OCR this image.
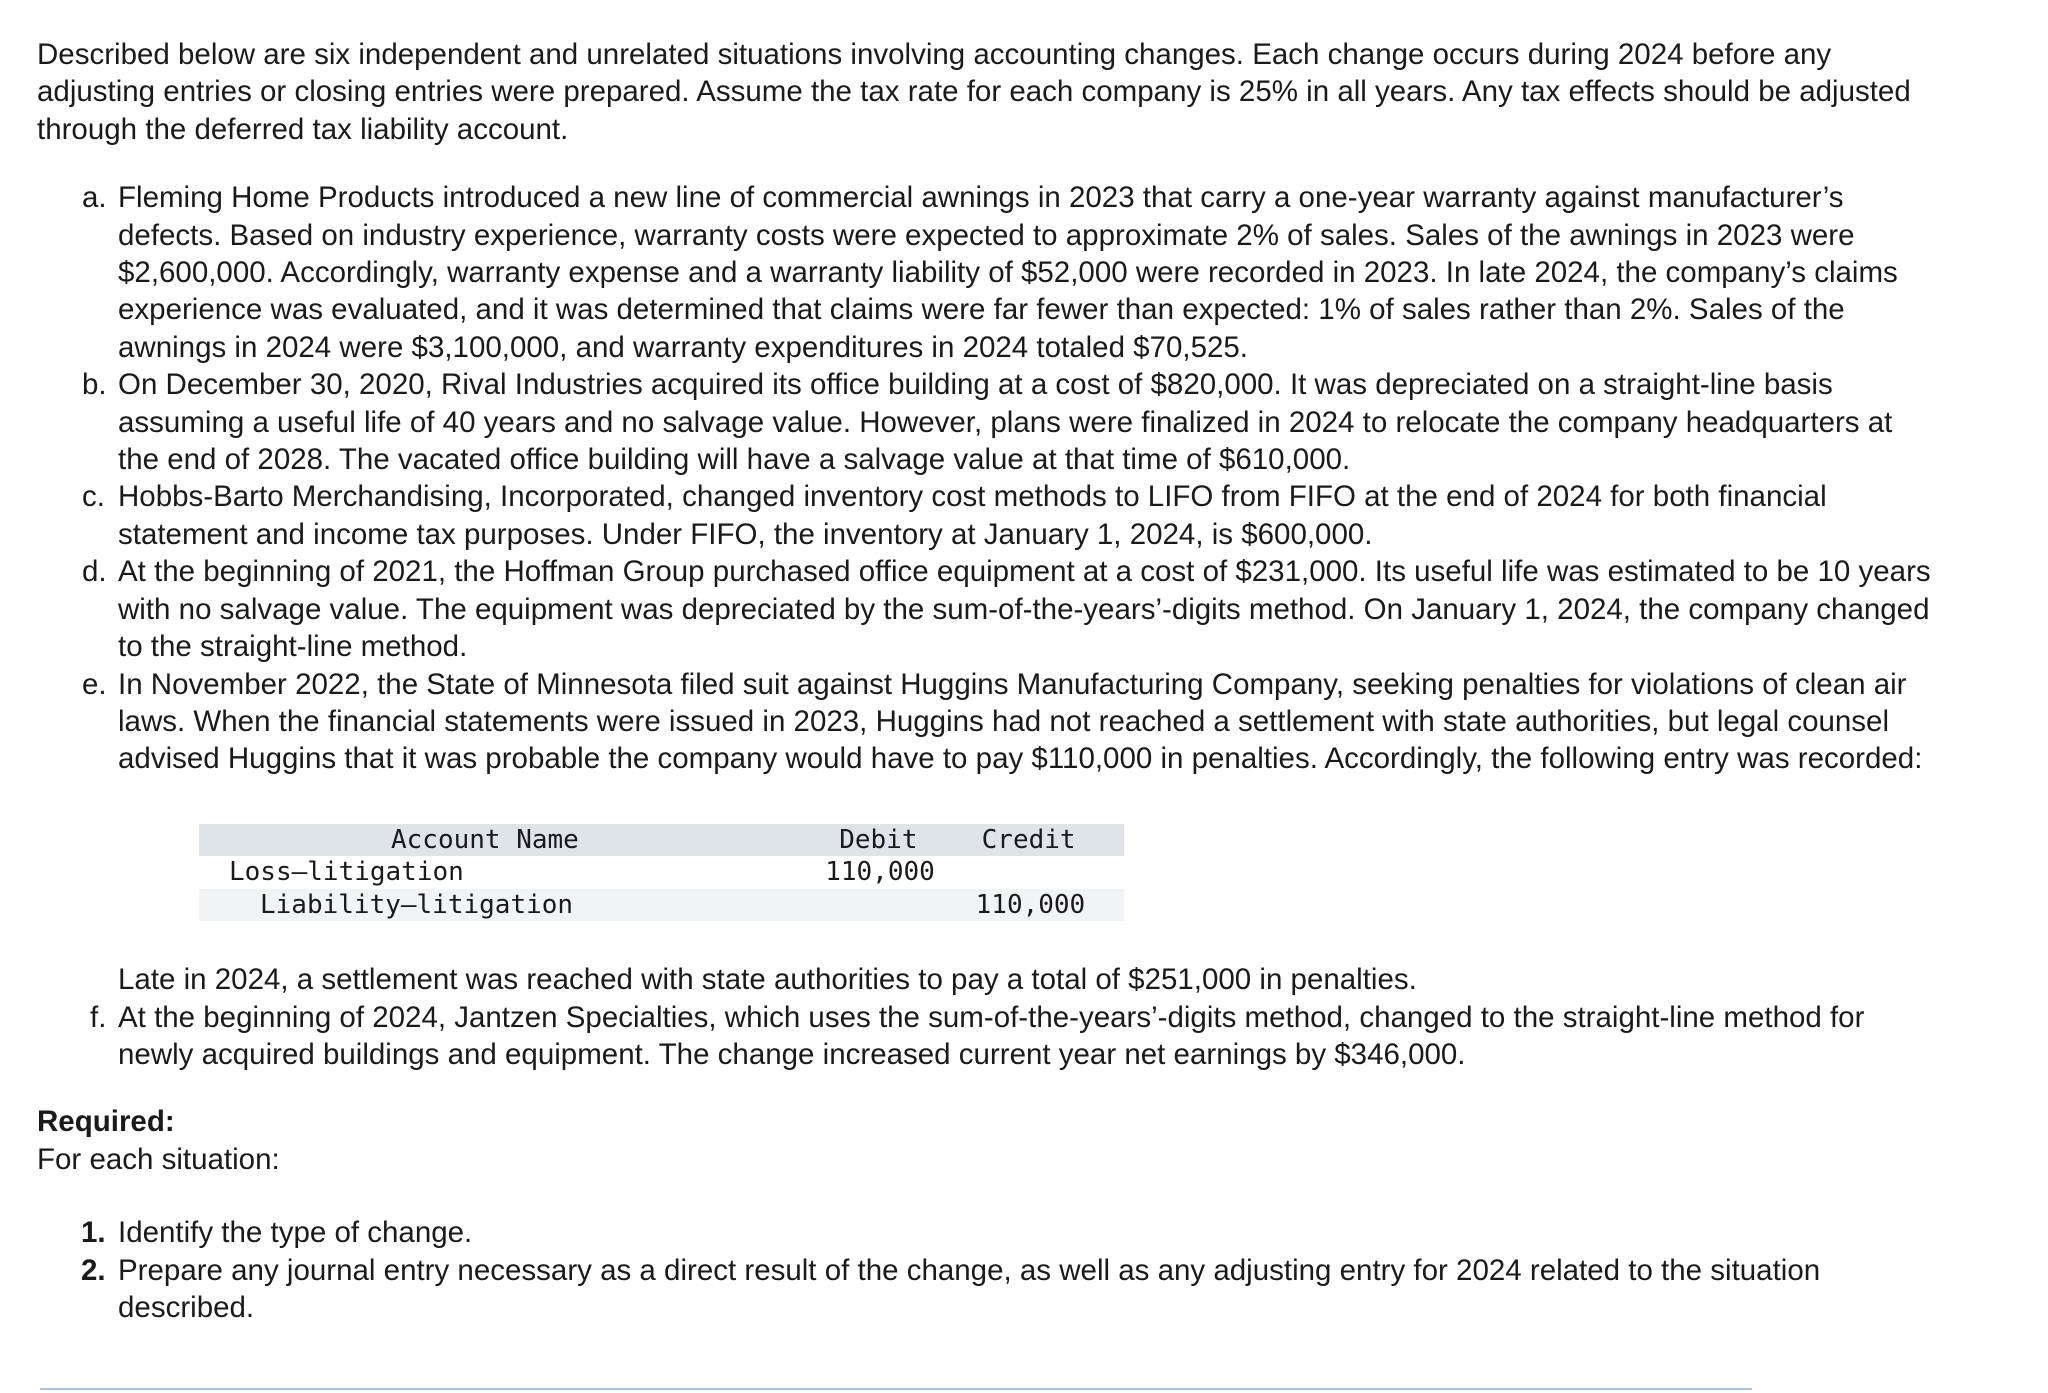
Described below are six independent and unrelated situations involving accounting changes. Each change occurs during 2024 before any adjusting entries or closing entries were prepared. Assume the tax rate for each company is 25% in all years. Any tax effects should be adjusted through the deferred tax liability account.

a. Fleming Home Products introduced a new line of commercial awnings in 2023 that carry a one-year warranty against manufacturer’s defects. Based on industry experience, warranty costs were expected to approximate 2% of sales. Sales of the awnings in 2023 were $2,600,000. Accordingly, warranty expense and a warranty liability of $52,000 were recorded in 2023. In late 2024, the company’s claims experience was evaluated, and it was determined that claims were far fewer than expected: 1% of sales rather than 2%. Sales of the awnings in 2024 were $3,100,000, and warranty expenditures in 2024 totaled $70,525.
b. On December 30, 2020, Rival Industries acquired its office building at a cost of $820,000. It was depreciated on a straight-line basis assuming a useful life of 40 years and no salvage value. However, plans were finalized in 2024 to relocate the company headquarters at the end of 2028. The vacated office building will have a salvage value at that time of $610,000.
c. Hobbs-Barto Merchandising, Incorporated, changed inventory cost methods to LIFO from FIFO at the end of 2024 for both financial statement and income tax purposes. Under FIFO, the inventory at January 1, 2024, is $600,000.
d. At the beginning of 2021, the Hoffman Group purchased office equipment at a cost of $231,000. Its useful life was estimated to be 10 years with no salvage value. The equipment was depreciated by the sum-of-the-years’-digits method. On January 1, 2024, the company changed to the straight-line method.
e. In November 2022, the State of Minnesota filed suit against Huggins Manufacturing Company, seeking penalties for violations of clean air laws. When the financial statements were issued in 2023, Huggins had not reached a settlement with state authorities, but legal counsel advised Huggins that it was probable the company would have to pay $110,000 in penalties. Accordingly, the following entry was recorded:
Account Name	Debit	Credit
Loss—litigation	110,000	
Liability—litigation		110,000
Late in 2024, a settlement was reached with state authorities to pay a total of $251,000 in penalties.
f. At the beginning of 2024, Jantzen Specialties, which uses the sum-of-the-years’-digits method, changed to the straight-line method for newly acquired buildings and equipment. The change increased current year net earnings by $346,000.
Required:
For each situation:
1. Identify the type of change.
2. Prepare any journal entry necessary as a direct result of the change, as well as any adjusting entry for 2024 related to the situation described.
